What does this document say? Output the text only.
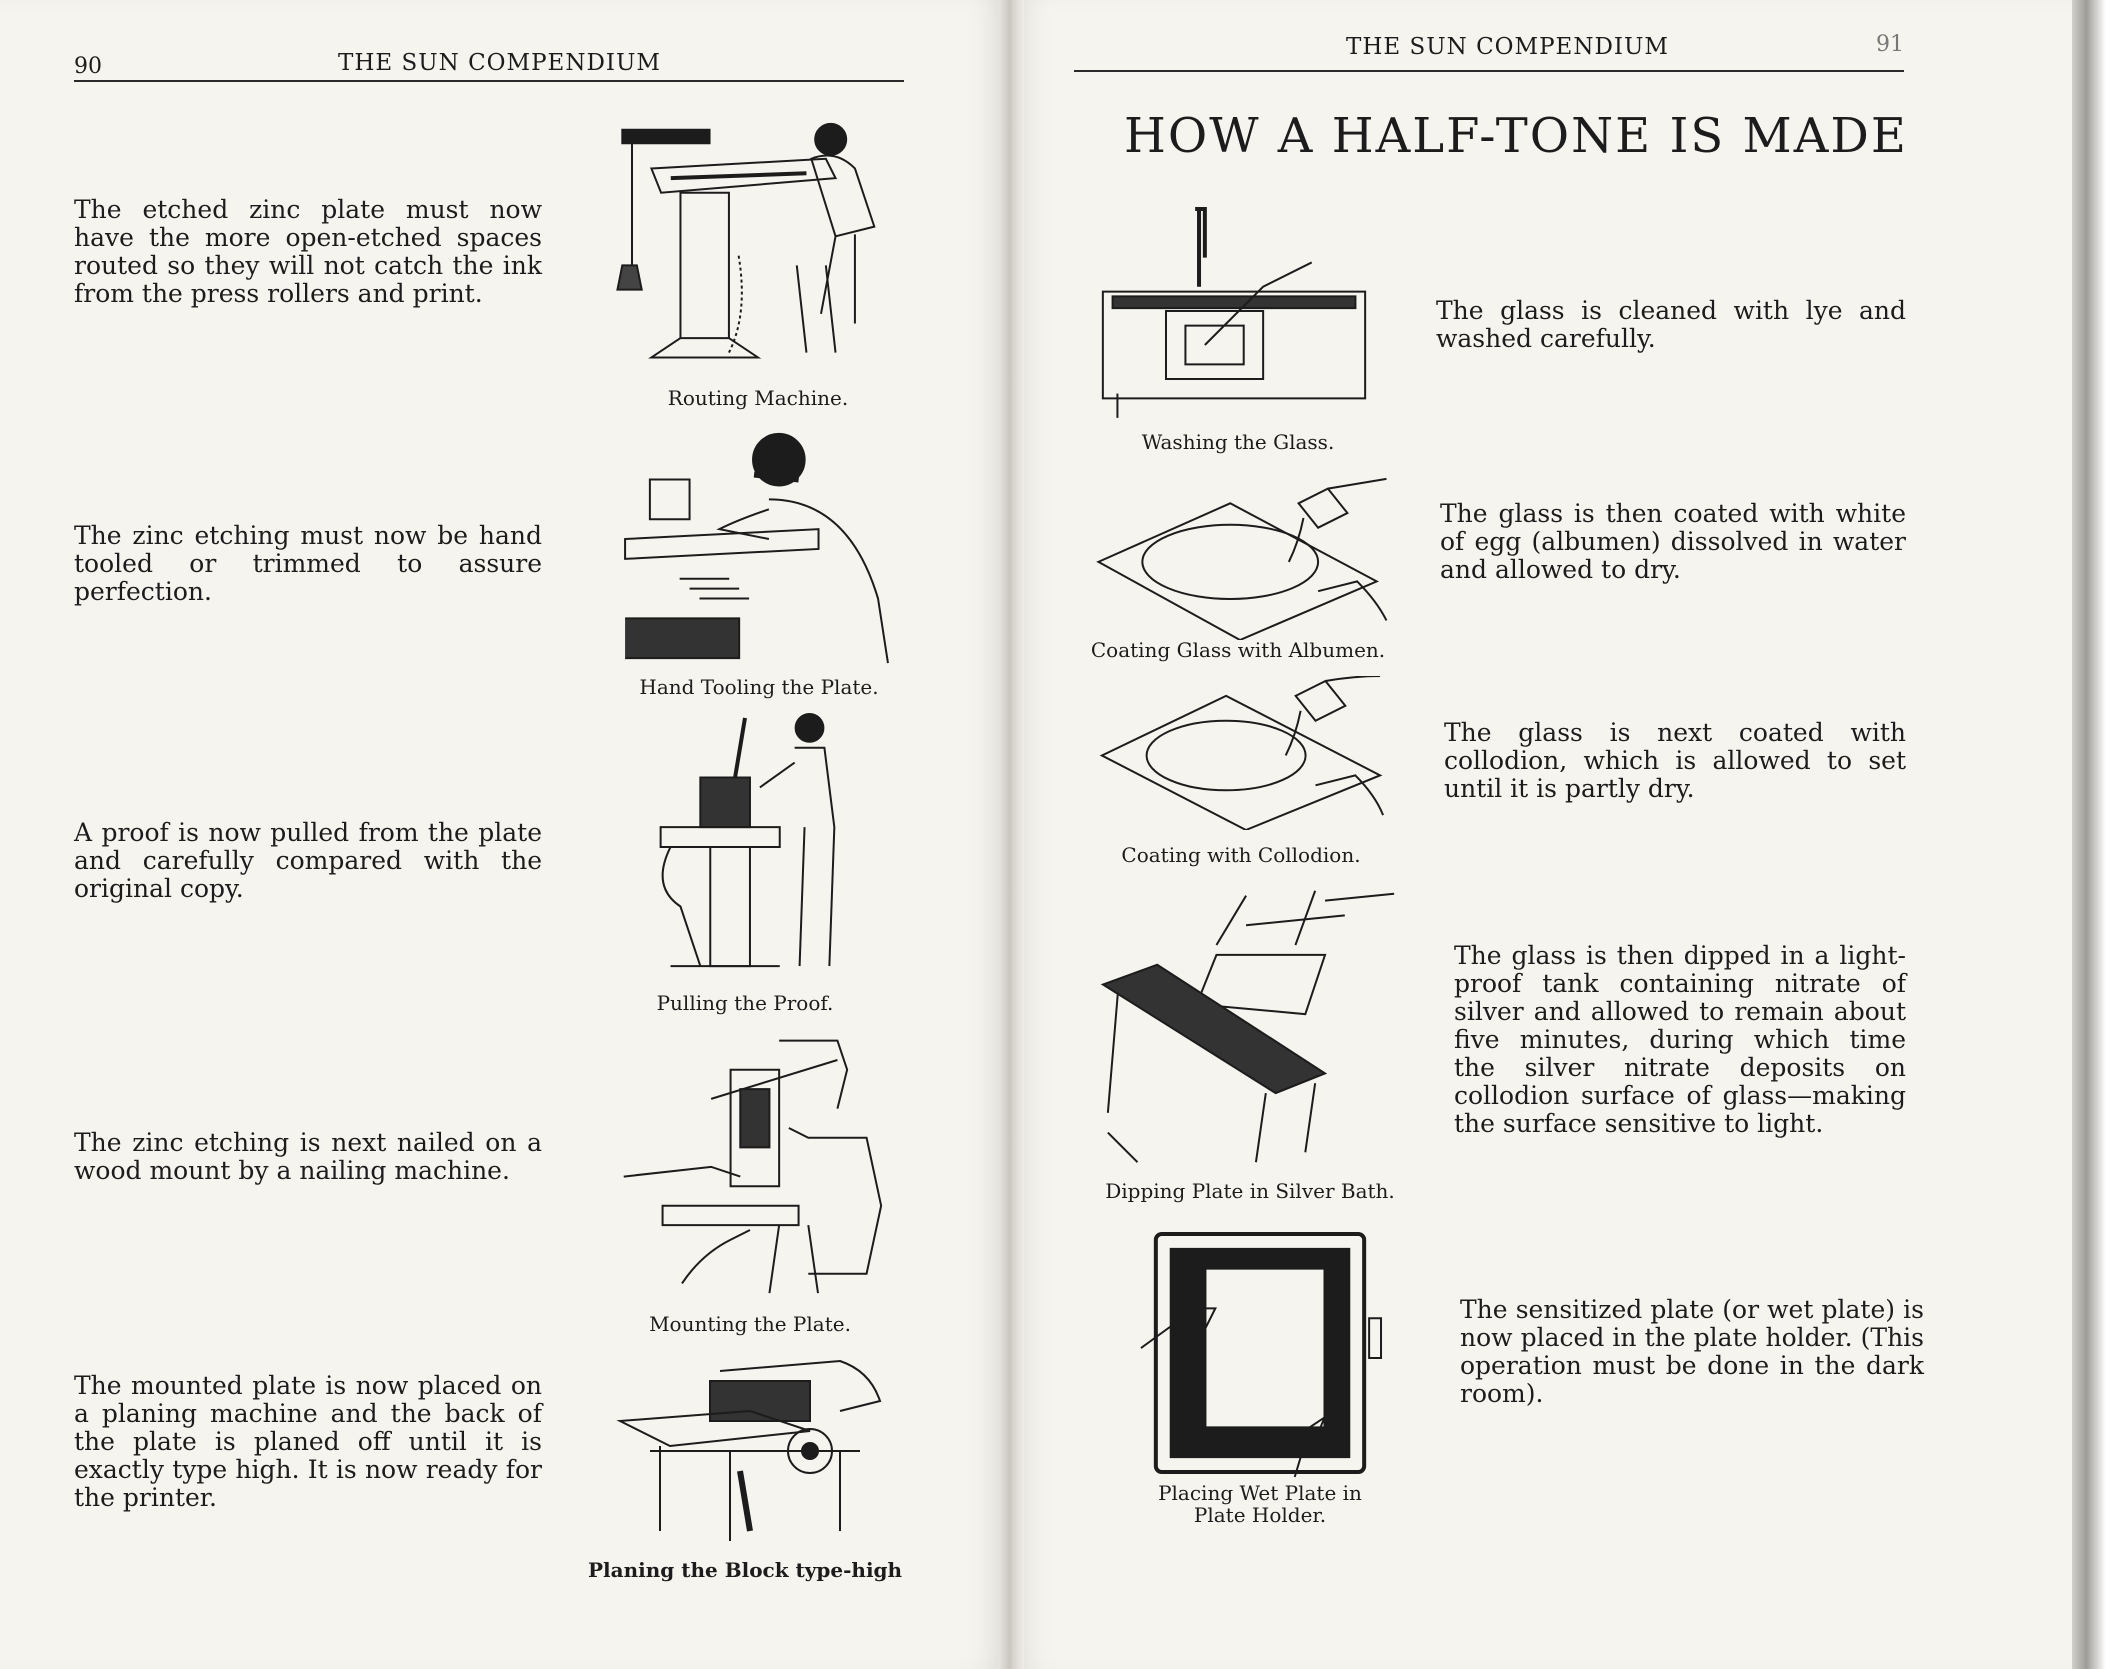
90	THE SUN COMPENDIUM
The etched zinc plate must now have the more open-etched spaces routed so they will not catch the ink from the press rollers and print.
Routing Machine.
The zinc etching must now be hand tooled or trimmed to assure perfection.
Hand Tooling the Plate.
A proof is now pulled from the plate and carefully compared with the original copy.
Pulling the Proof.
The zinc etching is next nailed on a wood mount by a nailing machine.
Mounting the Plate.
The mounted plate is now placed on a planing machine and the back of the plate is planed off until it is exactly type high. It is now ready for the printer.
Planing the Block type-high
THE SUN COMPENDIUM	91
HOW A HALF-TONE IS MADE
Washing the Glass.
The glass is cleaned with lye and washed carefully.
Coating Glass with Albumen.
The glass is then coated with white of egg (albumen) dissolved in water and allowed to dry.
Coating with Collodion.
The glass is next coated with collodion, which is allowed to set until it is partly dry.
Dipping Plate in Silver Bath.
The glass is then dipped in a light-proof tank containing nitrate of silver and allowed to remain about five minutes, during which time the silver nitrate deposits on collodion surface of glass—making the surface sensitive to light.
Placing Wet Plate in
Plate Holder.
The sensitized plate (or wet plate) is now placed in the plate holder. (This operation must be done in the dark room).
